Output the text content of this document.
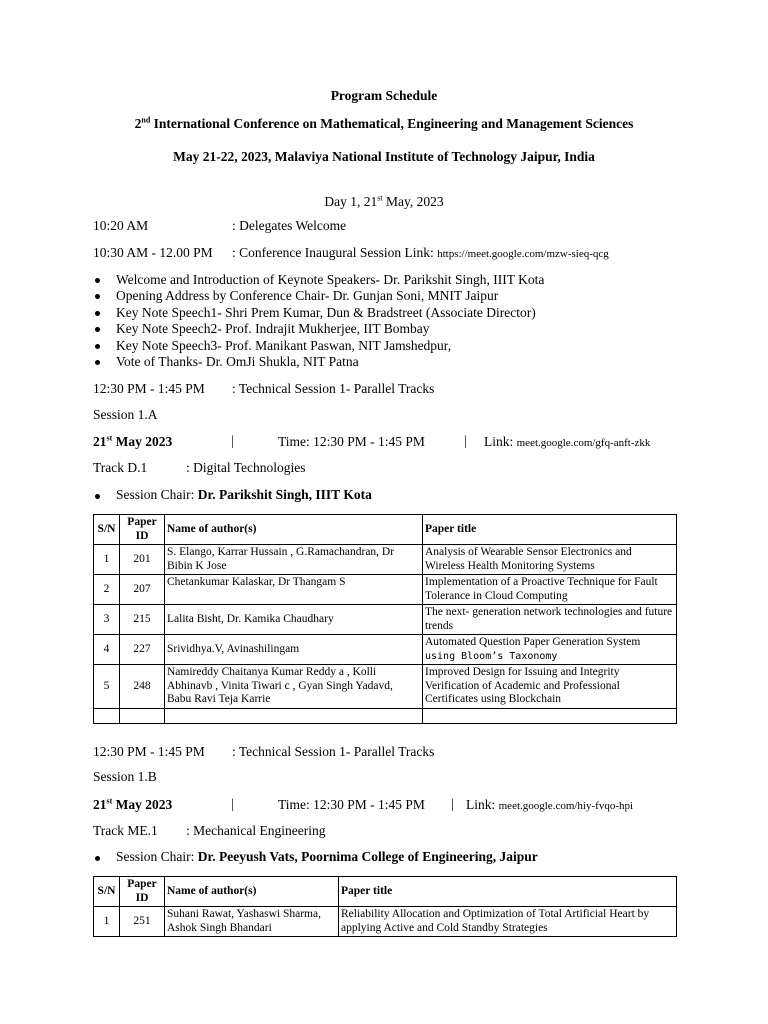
Program Schedule
2nd International Conference on Mathematical, Engineering and Management Sciences
May 21-22, 2023, Malaviya National Institute of Technology Jaipur, India
Day 1, 21st May, 2023
10:20 AM	: Delegates Welcome
10:30 AM - 12.00 PM : Conference Inaugural Session Link: https://meet.google.com/mzw-sieq-qcg
Welcome and Introduction of Keynote Speakers- Dr. Parikshit Singh, IIIT Kota
Opening Address by Conference Chair- Dr. Gunjan Soni, MNIT Jaipur
Key Note Speech1- Shri Prem Kumar, Dun & Bradstreet (Associate Director)
Key Note Speech2- Prof. Indrajit Mukherjee, IIT Bombay
Key Note Speech3- Prof. Manikant Paswan, NIT Jamshedpur,
Vote of Thanks- Dr. OmJi Shukla, NIT Patna
12:30 PM - 1:45 PM : Technical Session 1- Parallel Tracks
Session 1.A
21st May 2023	|	Time: 12:30 PM - 1:45 PM	| Link: meet.google.com/gfq-anft-zkk
Track D.1	: Digital Technologies
Session Chair: Dr. Parikshit Singh, IIIT Kota
S/N	Paper ID	Name of author(s)	Paper title
1	201	S. Elango, Karrar Hussain , G.Ramachandran, Dr Bibin K Jose	Analysis of Wearable Sensor Electronics and Wireless Health Monitoring Systems
2	207	Chetankumar Kalaskar, Dr Thangam S	Implementation of a Proactive Technique for Fault Tolerance in Cloud Computing
3	215	Lalita Bisht, Dr. Kamika Chaudhary	The next- generation network technologies and future trends
4	227	Srividhya.V, Avinashilingam	Automated Question Paper Generation System
using Bloom’s Taxonomy

5	248	Namireddy Chaitanya Kumar Reddy a , Kolli Abhinavb , Vinita Tiwari c , Gyan Singh Yadavd, Babu Ravi Teja Karrie	Improved Design for Issuing and Integrity Verification of Academic and Professional Certificates using Blockchain

12:30 PM - 1:45 PM : Technical Session 1- Parallel Tracks
Session 1.B
21st May 2023	|	Time: 12:30 PM - 1:45 PM | Link: meet.google.com/hiy-fvqo-hpi
Track ME.1 : Mechanical Engineering
Session Chair: Dr. Peeyush Vats, Poornima College of Engineering, Jaipur
S/N	Paper ID	Name of author(s)	Paper title
1	251	Suhani Rawat, Yashaswi Sharma, Ashok Singh Bhandari	Reliability Allocation and Optimization of Total Artificial Heart by applying Active and Cold Standby Strategies
